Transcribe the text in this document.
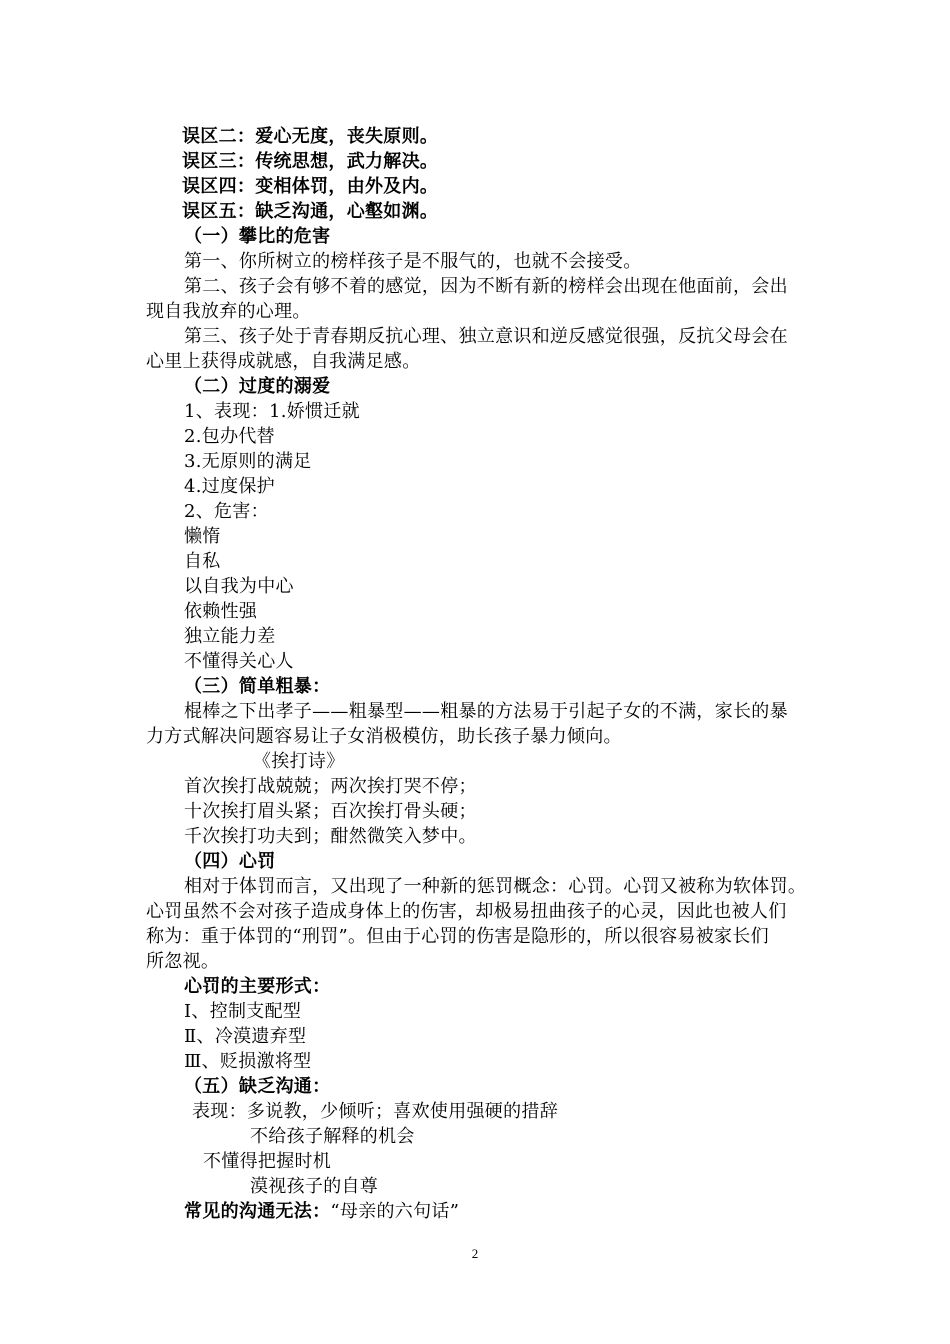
误区二：爱心无度，丧失原则。
误区三：传统思想，武力解决。
误区四：变相体罚，由外及内。
误区五：缺乏沟通，心壑如渊。
（一）攀比的危害
第一、你所树立的榜样孩子是不服气的，也就不会接受。
第二、孩子会有够不着的感觉，因为不断有新的榜样会出现在他面前，会出
现自我放弃的心理。
第三、孩子处于青春期反抗心理、独立意识和逆反感觉很强，反抗父母会在
心里上获得成就感，自我满足感。
（二）过度的溺爱
1、表现：1.娇惯迁就
2.包办代替
3.无原则的满足
4.过度保护
2、危害：
懒惰
自私
以自我为中心
依赖性强
独立能力差
不懂得关心人
（三）简单粗暴：
棍棒之下出孝子——粗暴型——粗暴的方法易于引起子女的不满，家长的暴
力方式解决问题容易让子女消极模仿，助长孩子暴力倾向。
《挨打诗》
首次挨打战兢兢；两次挨打哭不停；
十次挨打眉头紧；百次挨打骨头硬；
千次挨打功夫到；酣然微笑入梦中。
（四）心罚
相对于体罚而言，又出现了一种新的惩罚概念：心罚。心罚又被称为软体罚。
心罚虽然不会对孩子造成身体上的伤害，却极易扭曲孩子的心灵，因此也被人们
称为：重于体罚的“刑罚”。但由于心罚的伤害是隐形的，所以很容易被家长们
所忽视。
心罚的主要形式：
Ⅰ、控制支配型
Ⅱ、冷漠遗弃型
Ⅲ、贬损激将型
（五）缺乏沟通：
表现：多说教，少倾听；喜欢使用强硬的措辞
不给孩子解释的机会
不懂得把握时机
漠视孩子的自尊
常见的沟通无法：“母亲的六句话”
2
